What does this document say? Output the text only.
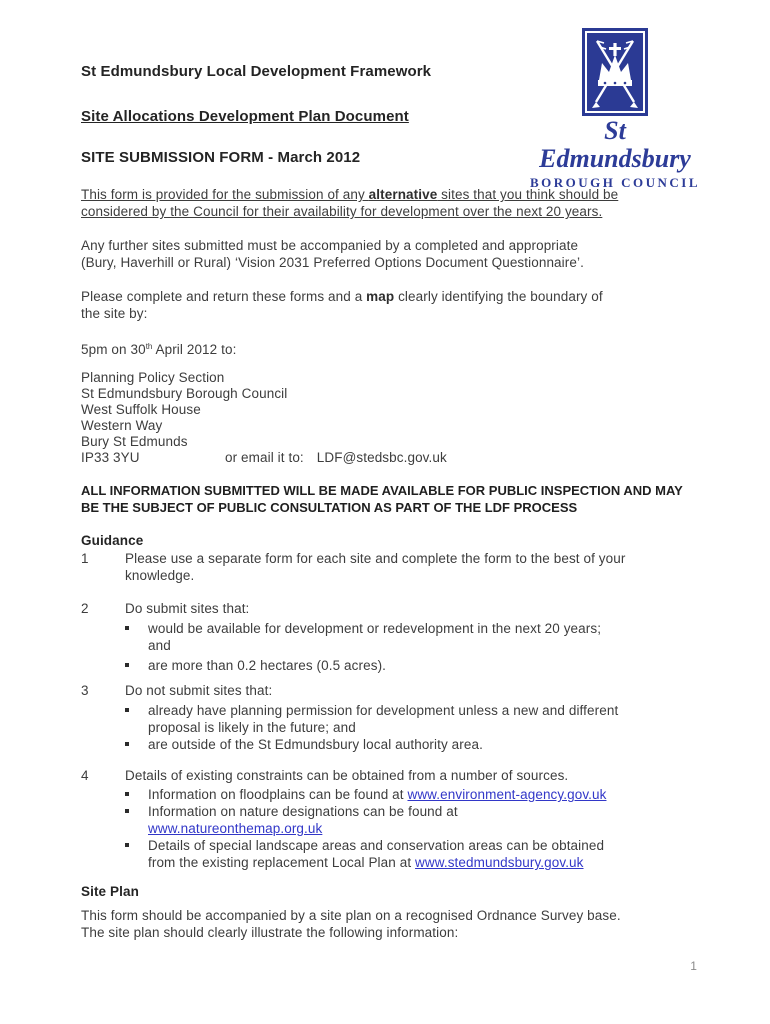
St Edmundsbury
BOROUGH COUNCIL

St Edmundsbury Local Development Framework

Site Allocations Development Plan Document

SITE SUBMISSION FORM - March 2012

This form is provided for the submission of any alternative sites that you think should be
considered by the Council for their availability for development over the next 20 years.

Any further sites submitted must be accompanied by a completed and appropriate
(Bury, Haverhill or Rural) ‘Vision 2031 Preferred Options Document Questionnaire’.

Please complete and return these forms and a map clearly identifying the boundary of
the site by:

5pm on 30th April 2012 to:

Planning Policy Section
St Edmundsbury Borough Council
West Suffolk House
Western Way
Bury St Edmunds
IP33 3YU	or email it to: LDF@stedsbc.gov.uk

ALL INFORMATION SUBMITTED WILL BE MADE AVAILABLE FOR PUBLIC INSPECTION AND MAY
BE THE SUBJECT OF PUBLIC CONSULTATION AS PART OF THE LDF PROCESS

Guidance
1	Please use a separate form for each site and complete the form to the best of your
knowledge.
2	Do submit sites that:
would be available for development or redevelopment in the next 20 years;
and
are more than 0.2 hectares (0.5 acres).
3	Do not submit sites that:
already have planning permission for development unless a new and different
proposal is likely in the future; and
are outside of the St Edmundsbury local authority area.
4	Details of existing constraints can be obtained from a number of sources.
Information on floodplains can be found at www.environment-agency.gov.uk
Information on nature designations can be found at
www.natureonthemap.org.uk
Details of special landscape areas and conservation areas can be obtained
from the existing replacement Local Plan at www.stedmundsbury.gov.uk
Site Plan

This form should be accompanied by a site plan on a recognised Ordnance Survey base.
The site plan should clearly illustrate the following information:

1
